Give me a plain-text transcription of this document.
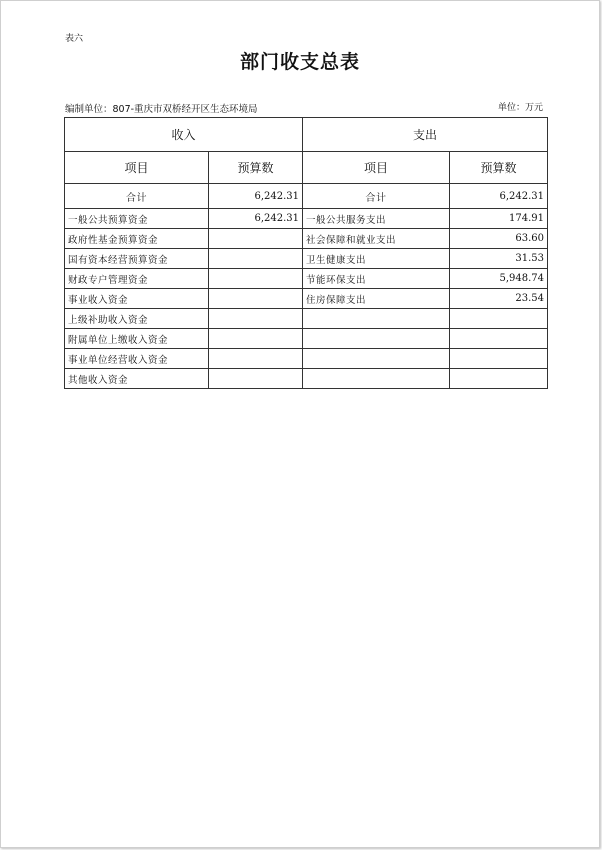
表六
部门收支总表
编制单位：807-重庆市双桥经开区生态环境局	单位：万元
收入		支出	
项目	预算数	项目	预算数
合计	6,242.31	合计	6,242.31
一般公共预算资金	6,242.31	一般公共服务支出	174.91
政府性基金预算资金		社会保障和就业支出	63.60
国有资本经营预算资金		卫生健康支出	31.53
财政专户管理资金		节能环保支出	5,948.74
事业收入资金		住房保障支出	23.54
上级补助收入资金			
附属单位上缴收入资金			
事业单位经营收入资金			
其他收入资金			
